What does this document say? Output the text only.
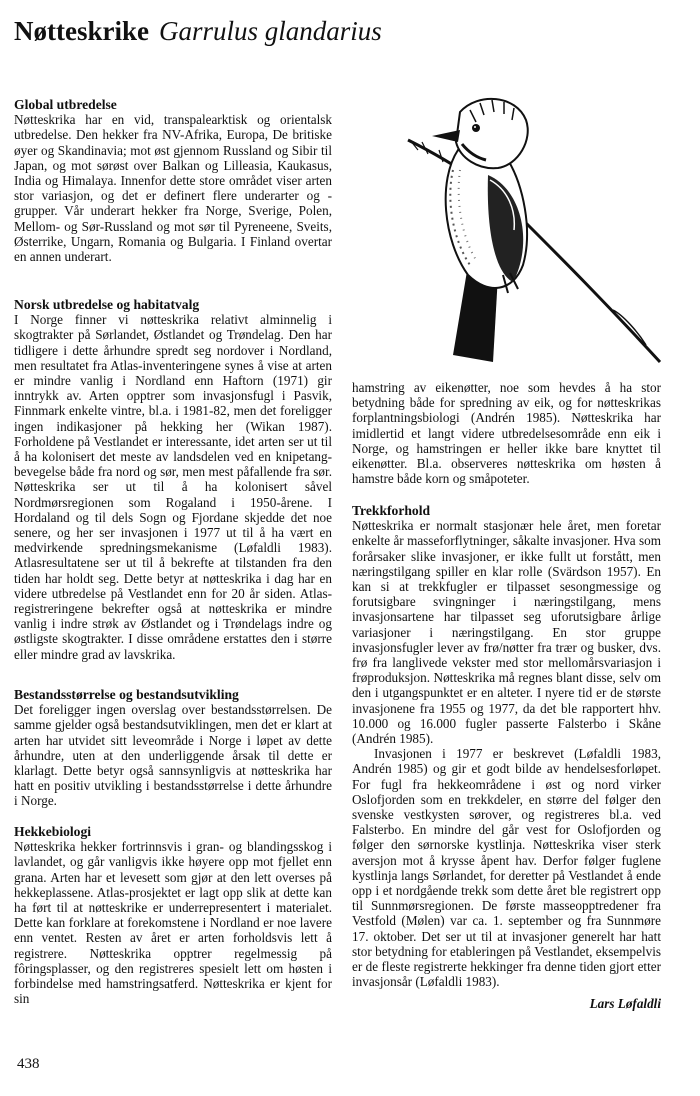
Nøtteskrike Garrulus glandarius
Global utbredelse

Nøtteskrika har en vid, transpalearktisk og orientalsk utbredelse. Den hekker fra NV-Afrika, Europa, De britiske øyer og Skandinavia; mot øst gjennom Russland og Sibir til Japan, og mot sørøst over Balkan og Lilleasia, Kaukasus, India og Himalaya. Innenfor dette store området viser arten stor variasjon, og det er definert flere underarter og -grupper. Vår underart hekker fra Norge, Sverige, Polen, Mellom- og Sør-Russland og mot sør til Pyreneene, Sveits, Østerrike, Ungarn, Romania og Bulgaria. I Finland overtar en annen underart.

Norsk utbredelse og habitatvalg

I Norge finner vi nøtteskrika relativt alminnelig i skogtrakter på Sørlandet, Østlandet og Trøndelag. Den har tidligere i dette århundre spredt seg nordover i Nordland, men resultatet fra Atlas-inventeringene synes å vise at arten er mindre vanlig i Nordland enn Haftorn (1971) gir inntrykk av. Arten opptrer som invasjonsfugl i Pasvik, Finnmark enkelte vintre, bl.a. i 1981-82, men det foreligger ingen indikasjoner på hekking her (Wikan 1987). Forholdene på Vestlandet er interessante, idet arten ser ut til å ha kolonisert det meste av landsdelen ved en knipetang-bevegelse både fra nord og sør, men mest påfallende fra sør. Nøtteskrika ser ut til å ha kolonisert såvel Nordmørsregionen som Rogaland i 1950-årene. I Hordaland og til dels Sogn og Fjordane skjedde det noe senere, og her ser invasjonen i 1977 ut til å ha vært en medvirkende spredningsmekanisme (Løfaldli 1983). Atlasresultatene ser ut til å bekrefte at tilstanden fra den tiden har holdt seg. Dette betyr at nøtteskrika i dag har en videre utbredelse på Vestlandet enn for 20 år siden. Atlas-registreringene bekrefter også at nøtteskrika er mindre vanlig i indre strøk av Østlandet og i Trøndelags indre og østligste skogtrakter. I disse områdene erstattes den i større eller mindre grad av lavskrika.

Bestandsstørrelse og bestandsutvikling

Det foreligger ingen overslag over bestandsstørrelsen. De samme gjelder også bestandsutviklingen, men det er klart at arten har utvidet sitt leveområde i Norge i løpet av dette århundre, uten at den underliggende årsak til dette er klarlagt. Dette betyr også sannsynligvis at nøtteskrika har hatt en positiv utvikling i bestandsstørrelse i dette århundre i Norge.

Hekkebiologi

Nøtteskrika hekker fortrinnsvis i gran- og blandingsskog i lavlandet, og går vanligvis ikke høyere opp mot fjellet enn grana. Arten har et levesett som gjør at den lett overses på hekkeplassene. Atlas-prosjektet er lagt opp slik at dette kan ha ført til at nøtteskrike er underrepresentert i materialet. Dette kan forklare at forekomstene i Nordland er noe lavere enn ventet. Resten av året er arten forholdsvis lett å registrere. Nøtteskrika opptrer regelmessig på fôringsplasser, og den registreres spesielt lett om høsten i forbindelse med hamstringsatferd. Nøtteskrika er kjent for sin

hamstring av eikenøtter, noe som hevdes å ha stor betydning både for spredning av eik, og for nøtteskrikas forplantningsbiologi (Andrén 1985). Nøtteskrika har imidlertid et langt videre utbredelsesområde enn eik i Norge, og hamstringen er heller ikke bare knyttet til eikenøtter. Bl.a. observeres nøtteskrika om høsten å hamstre både korn og småpoteter.

Trekkforhold

Nøtteskrika er normalt stasjonær hele året, men foretar enkelte år masseforflytninger, såkalte invasjoner. Hva som forårsaker slike invasjoner, er ikke fullt ut forstått, men næringstilgang spiller en klar rolle (Svärdson 1957). En kan si at trekkfugler er tilpasset sesongmessige og forutsigbare svingninger i næringstilgang, mens invasjonsartene har tilpasset seg uforutsigbare årlige variasjoner i næringstilgang. En stor gruppe invasjonsfugler lever av frø/nøtter fra trær og busker, dvs. frø fra langlivede vekster med stor mellomårsvariasjon i frøproduksjon. Nøtteskrika må regnes blant disse, selv om den i utgangspunktet er en alteter. I nyere tid er de største invasjonene fra 1955 og 1977, da det ble rapportert hhv. 10.000 og 16.000 fugler passerte Falsterbo i Skåne (Andrén 1985).

Invasjonen i 1977 er beskrevet (Løfaldli 1983, Andrén 1985) og gir et godt bilde av hendelsesforløpet. For fugl fra hekkeområdene i øst og nord virker Oslofjorden som en trekkdeler, en større del følger den svenske vestkysten sørover, og registreres bl.a. ved Falsterbo. En mindre del går vest for Oslofjorden og følger den sørnorske kystlinja. Nøtteskrika viser sterk aversjon mot å krysse åpent hav. Derfor følger fuglene kystlinja langs Sørlandet, for deretter på Vestlandet å ende opp i et nordgående trekk som dette året ble registrert opp til Sunnmørsregionen. De første masseopptredener fra Vestfold (Mølen) var ca. 1. september og fra Sunnmøre 17. oktober. Det ser ut til at invasjoner generelt har hatt stor betydning for etableringen på Vestlandet, eksempelvis er de fleste registrerte hekkinger fra denne tiden gjort etter invasjonsår (Løfaldli 1983).

Lars Løfaldli
438
